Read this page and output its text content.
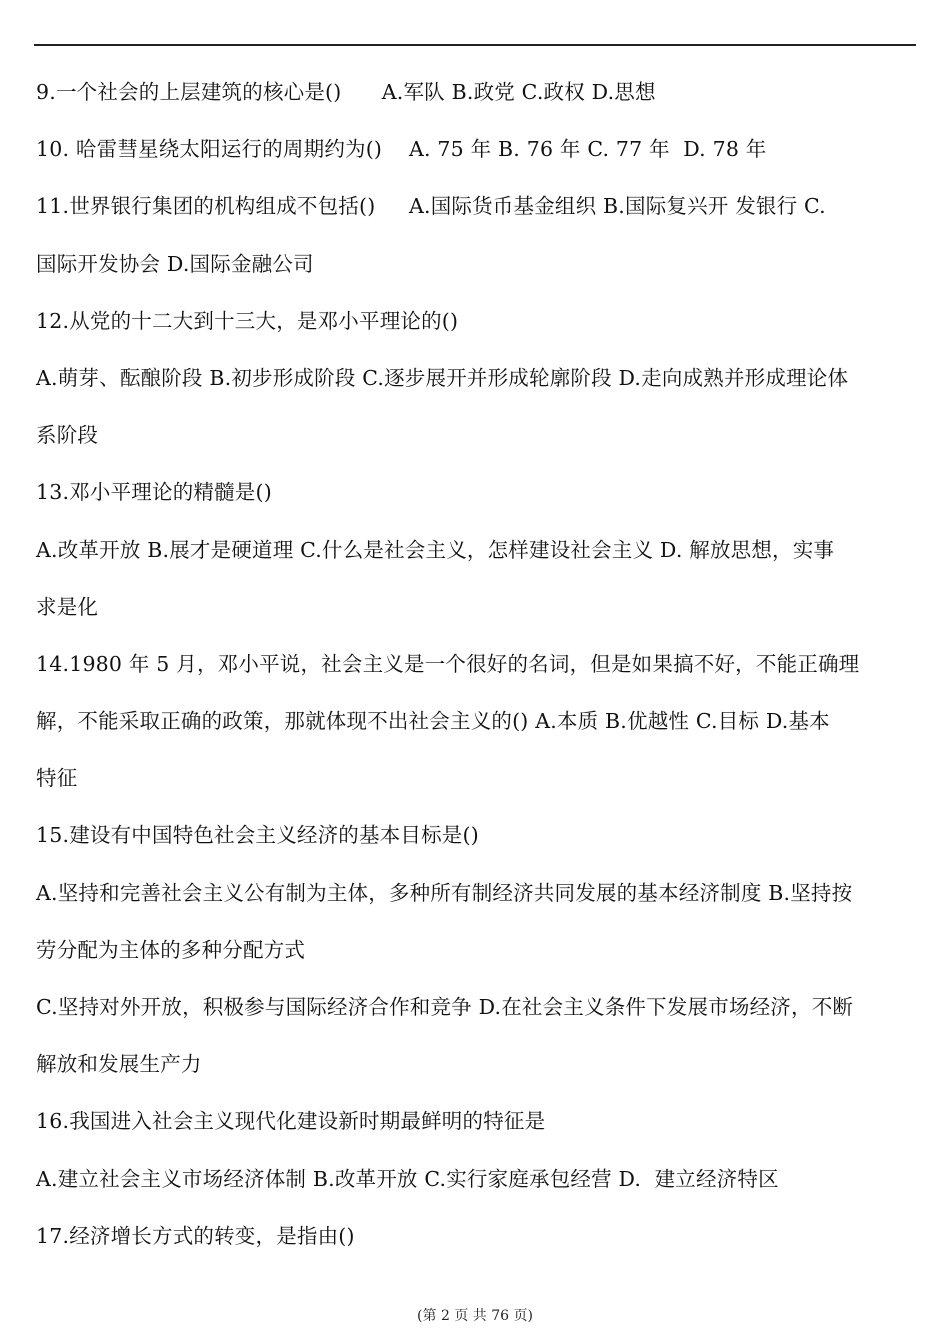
9.一个社会的上层建筑的核心是()      A.军队 B.政党 C.政权 D.思想
10. 哈雷彗星绕太阳运行的周期约为()    A. 75 年 B. 76 年 C. 77 年  D. 78 年
11.世界银行集团的机构组成不包括()     A.国际货币基金组织 B.国际复兴开 发银行 C.
国际开发协会 D.国际金融公司
12.从党的十二大到十三大，是邓小平理论的()
A.萌芽、酝酿阶段 B.初步形成阶段 C.逐步展开并形成轮廓阶段 D.走向成熟并形成理论体
系阶段
13.邓小平理论的精髓是()
A.改革开放 B.展才是硬道理 C.什么是社会主义，怎样建设社会主义 D. 解放思想，实事
求是化
14.1980 年 5 月，邓小平说，社会主义是一个很好的名词，但是如果搞不好，不能正确理
解，不能采取正确的政策，那就体现不出社会主义的() A.本质 B.优越性 C.目标 D.基本
特征
15.建设有中国特色社会主义经济的基本目标是()
A.坚持和完善社会主义公有制为主体，多种所有制经济共同发展的基本经济制度 B.坚持按
劳分配为主体的多种分配方式
C.坚持对外开放，积极参与国际经济合作和竞争 D.在社会主义条件下发展市场经济，不断
解放和发展生产力
16.我国进入社会主义现代化建设新时期最鲜明的特征是
A.建立社会主义市场经济体制 B.改革开放 C.实行家庭承包经营 D.  建立经济特区
17.经济增长方式的转变，是指由()
(第 2 页 共 76 页)
